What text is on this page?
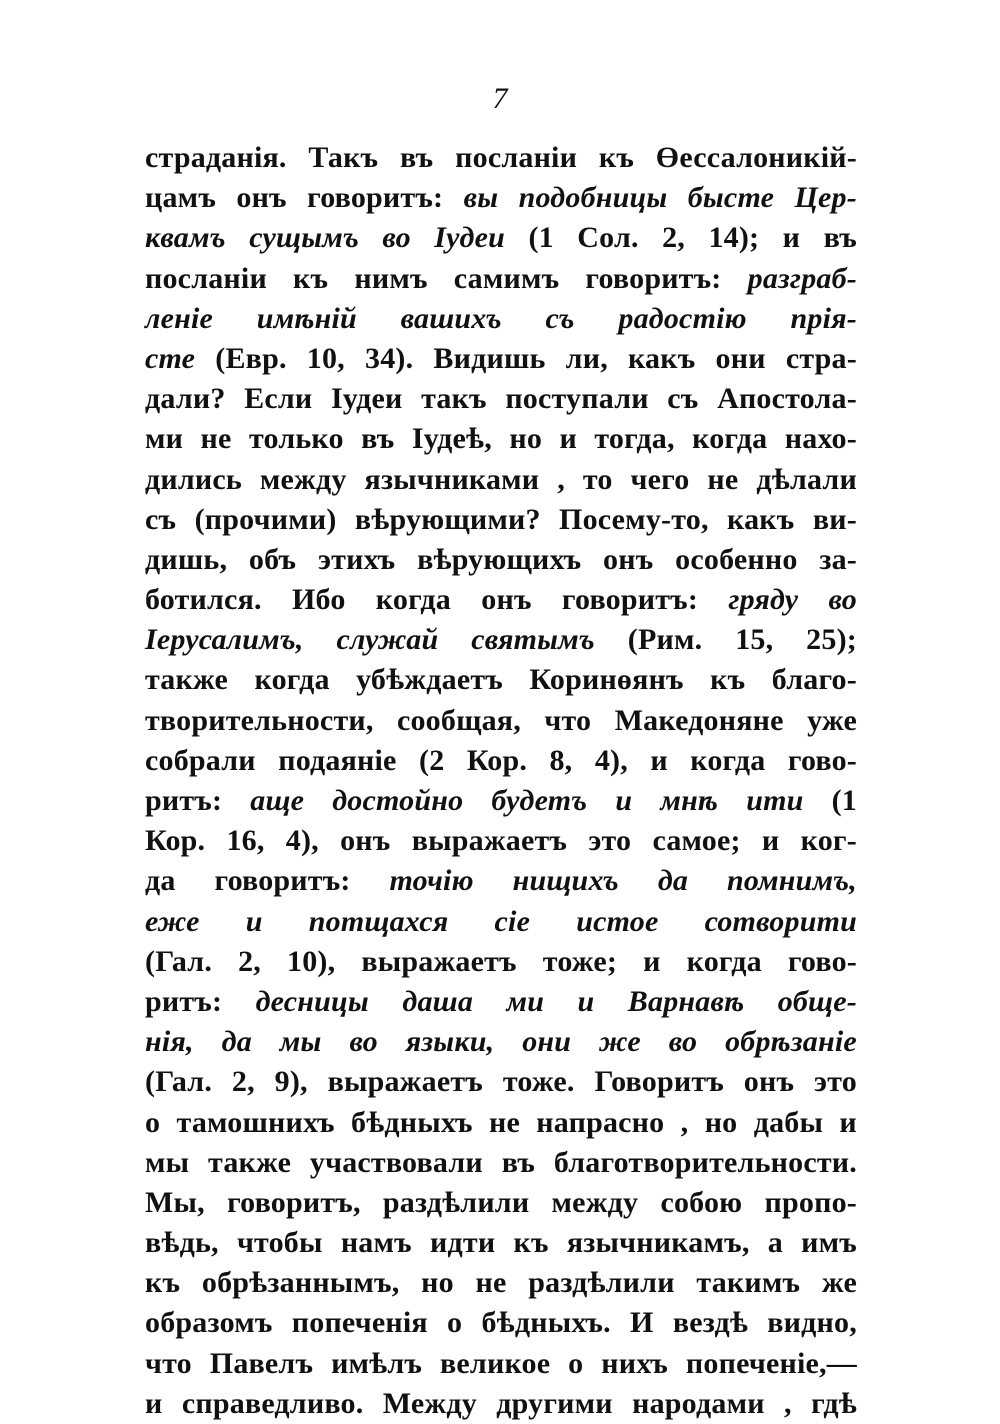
7
страданія. Такъ въ посланіи къ Өессалоникій-
цамъ онъ говоритъ: вы подобницы бысте Цер-
квамъ сущымъ во Іудеи (1 Сол. 2, 14); и въ
посланіи къ нимъ самимъ говоритъ: разграб-
леніе имѣній вашихъ съ радостію прія-
сте (Евр. 10, 34). Видишь ли, какъ они стра-
дали? Если Іудеи такъ поступали съ Апостола-
ми не только въ Іудеѣ, но и тогда, когда нахо-
дились между язычниками , то чего не дѣлали
съ (прочими) вѣрующими? Посему-то, какъ ви-
дишь, объ этихъ вѣрующихъ онъ особенно за-
ботился. Ибо когда онъ говоритъ: гряду во
Іерусалимъ, служай святымъ (Рим. 15, 25);
также когда убѣждаетъ Коринөянъ къ благо-
творительности, сообщая, что Македоняне уже
собрали подаяніе (2 Кор. 8, 4), и когда гово-
ритъ: аще достойно будетъ и мнѣ ити (1
Кор. 16, 4), онъ выражаетъ это самое; и ког-
да говоритъ: точію нищихъ да помнимъ,
еже и потщахся сіе истое сотворити
(Гал. 2, 10), выражаетъ тоже; и когда гово-
ритъ: десницы даша ми и Варнавѣ обще-
нія, да мы во языки, они же во обрѣзаніе
(Гал. 2, 9), выражаетъ тоже. Говоритъ онъ это
о тамошнихъ бѣдныхъ не напрасно , но дабы и
мы также участвовали въ благотворительности.
Мы, говоритъ, раздѣлили между собою пропо-
вѣдь, чтобы намъ идти къ язычникамъ, а имъ
къ обрѣзаннымъ, но не раздѣлили такимъ же
образомъ попеченія о бѣдныхъ. И вездѣ видно,
что Павелъ имѣлъ великое о нихъ попеченіе,—
и справедливо. Между другими народами , гдѣ
